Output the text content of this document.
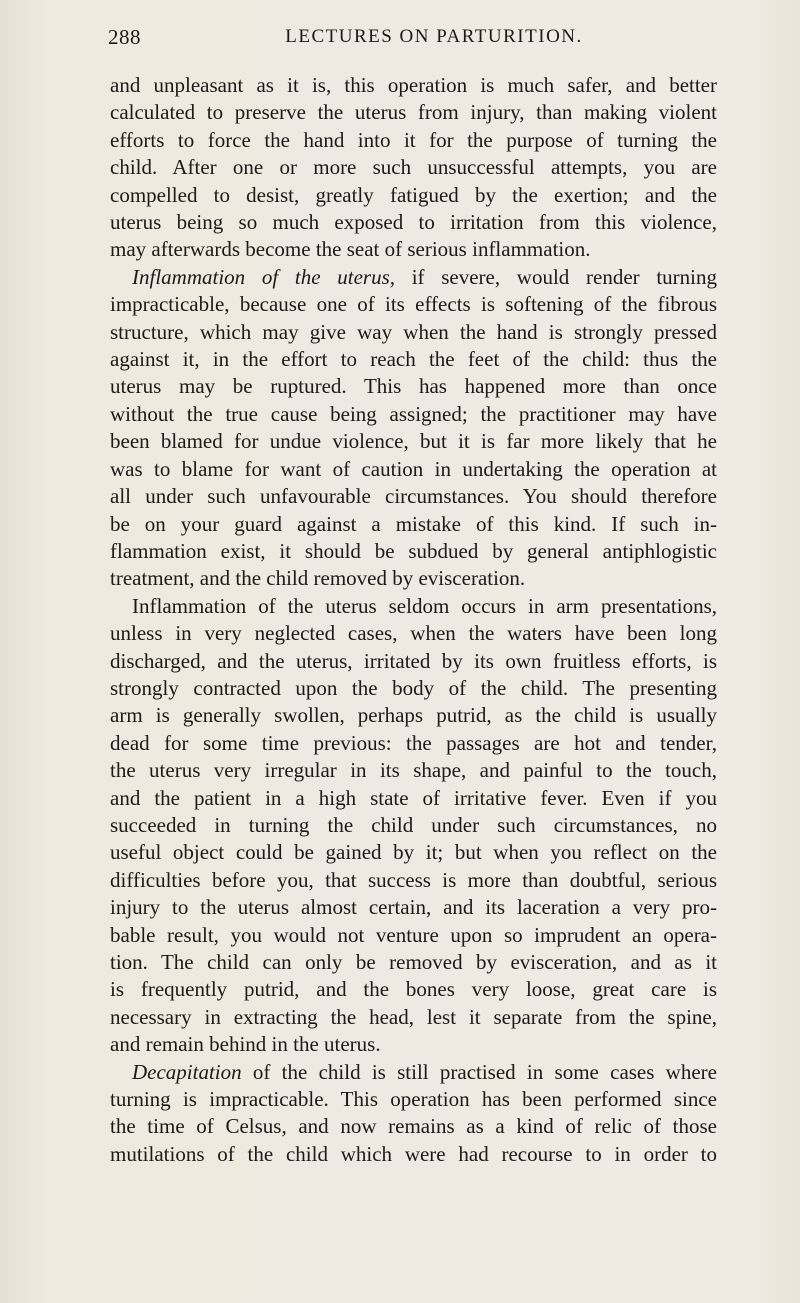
288	LECTURES ON PARTURITION.

and unpleasant as it is, this operation is much safer, and better
calculated to preserve the uterus from injury, than making violent
efforts to force the hand into it for the purpose of turning the
child. After one or more such unsuccessful attempts, you are
compelled to desist, greatly fatigued by the exertion; and the
uterus being so much exposed to irritation from this violence,
may afterwards become the seat of serious inflammation.

Inflammation of the uterus, if severe, would render turning
impracticable, because one of its effects is softening of the fibrous
structure, which may give way when the hand is strongly pressed
against it, in the effort to reach the feet of the child: thus the
uterus may be ruptured. This has happened more than once
without the true cause being assigned; the practitioner may have
been blamed for undue violence, but it is far more likely that he
was to blame for want of caution in undertaking the operation at
all under such unfavourable circumstances. You should therefore
be on your guard against a mistake of this kind. If such in-
flammation exist, it should be subdued by general antiphlogistic
treatment, and the child removed by evisceration.

Inflammation of the uterus seldom occurs in arm presentations,
unless in very neglected cases, when the waters have been long
discharged, and the uterus, irritated by its own fruitless efforts, is
strongly contracted upon the body of the child. The presenting
arm is generally swollen, perhaps putrid, as the child is usually
dead for some time previous: the passages are hot and tender,
the uterus very irregular in its shape, and painful to the touch,
and the patient in a high state of irritative fever. Even if you
succeeded in turning the child under such circumstances, no
useful object could be gained by it; but when you reflect on the
difficulties before you, that success is more than doubtful, serious
injury to the uterus almost certain, and its laceration a very pro-
bable result, you would not venture upon so imprudent an opera-
tion. The child can only be removed by evisceration, and as it
is frequently putrid, and the bones very loose, great care is
necessary in extracting the head, lest it separate from the spine,
and remain behind in the uterus.

Decapitation of the child is still practised in some cases where
turning is impracticable. This operation has been performed since
the time of Celsus, and now remains as a kind of relic of those
mutilations of the child which were had recourse to in order to
